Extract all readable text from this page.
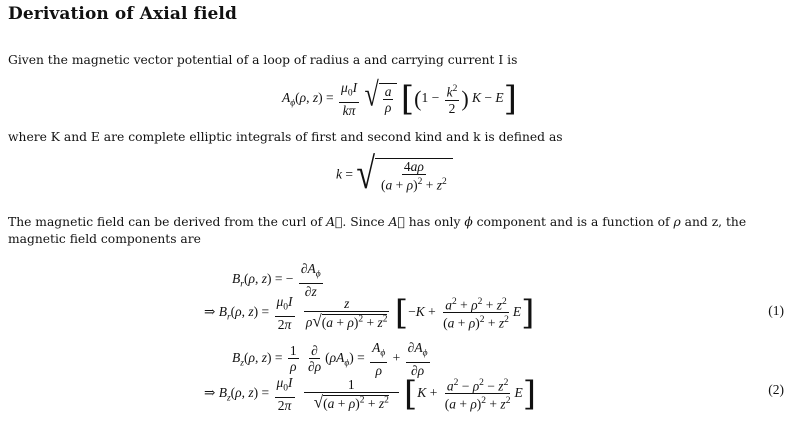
Derivation of Axial field

Given the magnetic vector potential of a loop of radius a and carrying current I is

$A_\phi(\rho$, $z) = \frac{\mu_0I}{k\pi}$
√ $\frac{a}{\rho} [(1 - \frac{k^2}{2}$ ) K − E]

where K and E are complete elliptic integrals of first and second kind and k is defined as

k = √ $\frac{4a\rho}{(a + \rho)^2 + z^2}$

The magnetic field can be derived from the curl of A⃗. Since A⃗ has only ϕ component and is a function of ρ and z, the magnetic field components are

$B_r(\rho$, z) = − $\frac{\partial A_\phi}{\partial z}$
⇒ $B_r(\rho$, $z) = \frac{\mu_0I}{2\pi}$
$\frac{z}{\rho√(a + \rho)^2 + z^2} [-K + \frac{a^2 + \rho^2 + z^2}{(a + \rho)^2 + z^2} E]$	(1)
$B_z(\rho$, $z) = \frac{1}{\rho}$
$\frac{\partial}{\partial\rho} (\rho A_\phi) = \frac{A_\phi}{\rho} + \frac{\partial A_\phi}{\partial\rho}$
⇒ $B_z(\rho$, $z) = \frac{\mu_0I}{2\pi}$
$\frac{1}{√(a + \rho)^2 + z^2} [K + \frac{a^2 - \rho^2 - z^2}{(a + \rho)^2 + z^2} E]$	(2)
